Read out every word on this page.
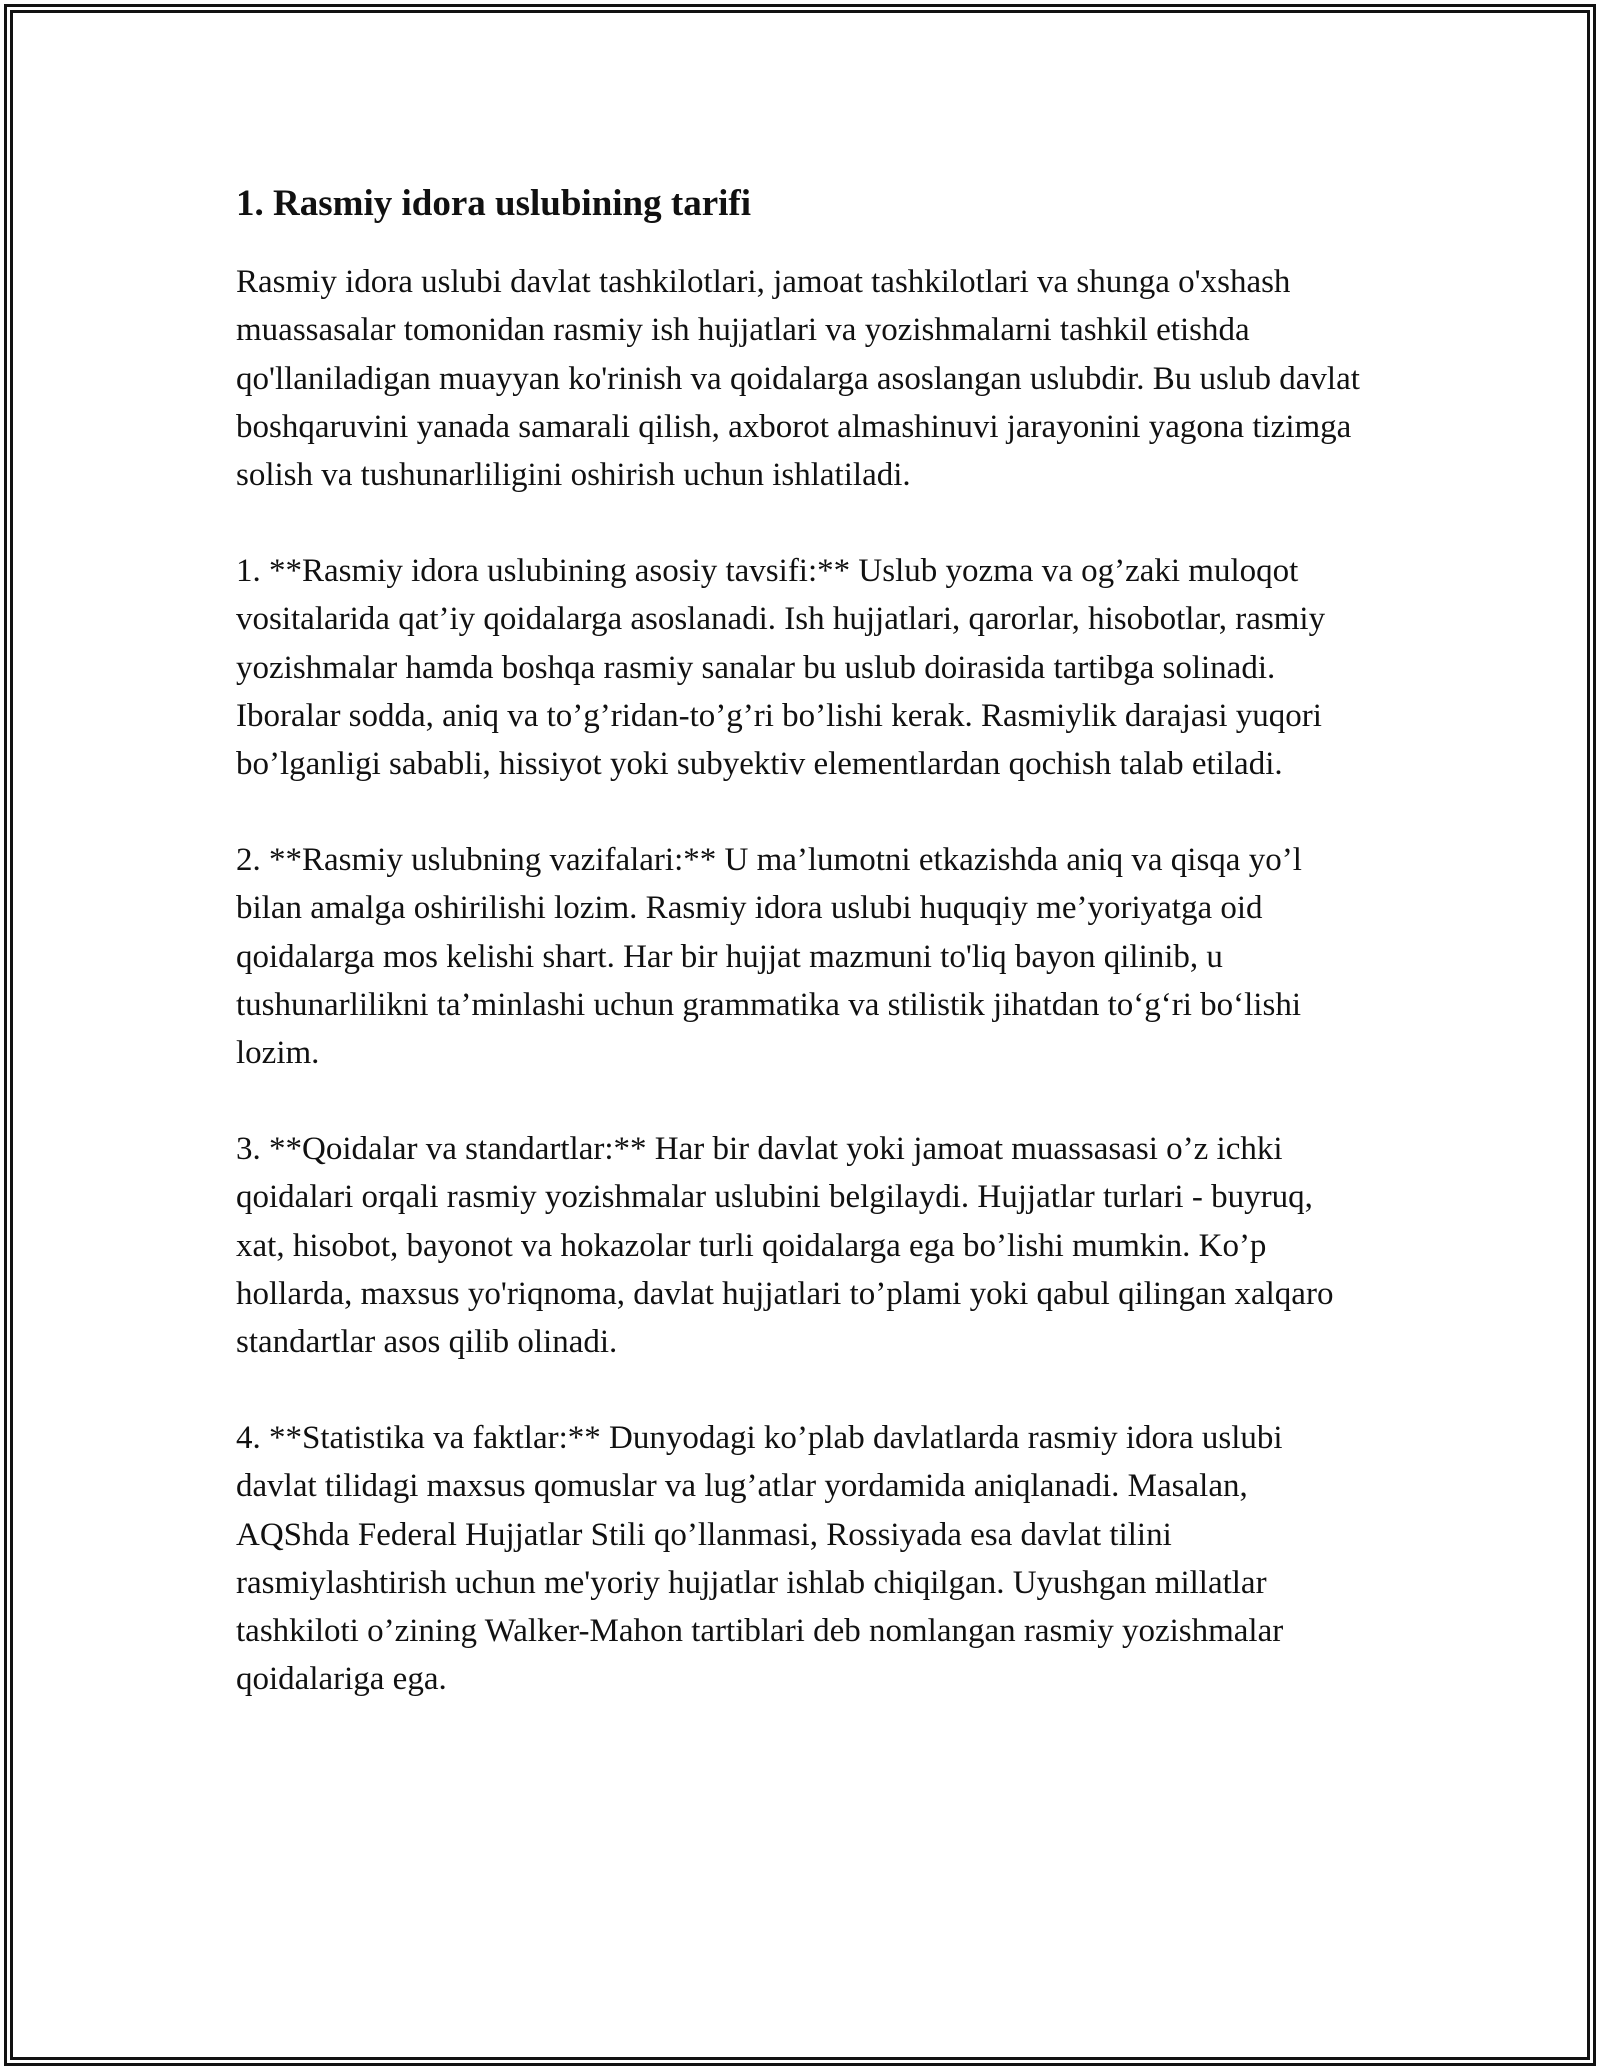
1. Rasmiy idora uslubining tarifi

Rasmiy idora uslubi davlat tashkilotlari, jamoat tashkilotlari va shunga o'xshash muassasalar tomonidan rasmiy ish hujjatlari va yozishmalarni tashkil etishda qo'llaniladigan muayyan ko'rinish va qoidalarga asoslangan uslubdir. Bu uslub davlat boshqaruvini yanada samarali qilish, axborot almashinuvi jarayonini yagona tizimga solish va tushunarliligini oshirish uchun ishlatiladi.

1. **Rasmiy idora uslubining asosiy tavsifi:** Uslub yozma va og’zaki muloqot vositalarida qat’iy qoidalarga asoslanadi. Ish hujjatlari, qarorlar, hisobotlar, rasmiy yozishmalar hamda boshqa rasmiy sanalar bu uslub doirasida tartibga solinadi. Iboralar sodda, aniq va to’g’ridan-to’g’ri bo’lishi kerak. Rasmiylik darajasi yuqori bo’lganligi sababli, hissiyot yoki subyektiv elementlardan qochish talab etiladi.

2. **Rasmiy uslubning vazifalari:** U ma’lumotni etkazishda aniq va qisqa yo’l bilan amalga oshirilishi lozim. Rasmiy idora uslubi huquqiy me’yoriyatga oid qoidalarga mos kelishi shart. Har bir hujjat mazmuni to'liq bayon qilinib, u tushunarlilikni ta’minlashi uchun grammatika va stilistik jihatdan to‘g‘ri bo‘lishi lozim.

3. **Qoidalar va standartlar:** Har bir davlat yoki jamoat muassasasi o’z ichki qoidalari orqali rasmiy yozishmalar uslubini belgilaydi. Hujjatlar turlari - buyruq, xat, hisobot, bayonot va hokazolar turli qoidalarga ega bo’lishi mumkin. Ko’p hollarda, maxsus yo'riqnoma, davlat hujjatlari to’plami yoki qabul qilingan xalqaro standartlar asos qilib olinadi.

4. **Statistika va faktlar:** Dunyodagi ko’plab davlatlarda rasmiy idora uslubi davlat tilidagi maxsus qomuslar va lug’atlar yordamida aniqlanadi. Masalan, AQShda Federal Hujjatlar Stili qo’llanmasi, Rossiyada esa davlat tilini rasmiylashtirish uchun me'yoriy hujjatlar ishlab chiqilgan. Uyushgan millatlar tashkiloti o’zining Walker-Mahon tartiblari deb nomlangan rasmiy yozishmalar qoidalariga ega.
